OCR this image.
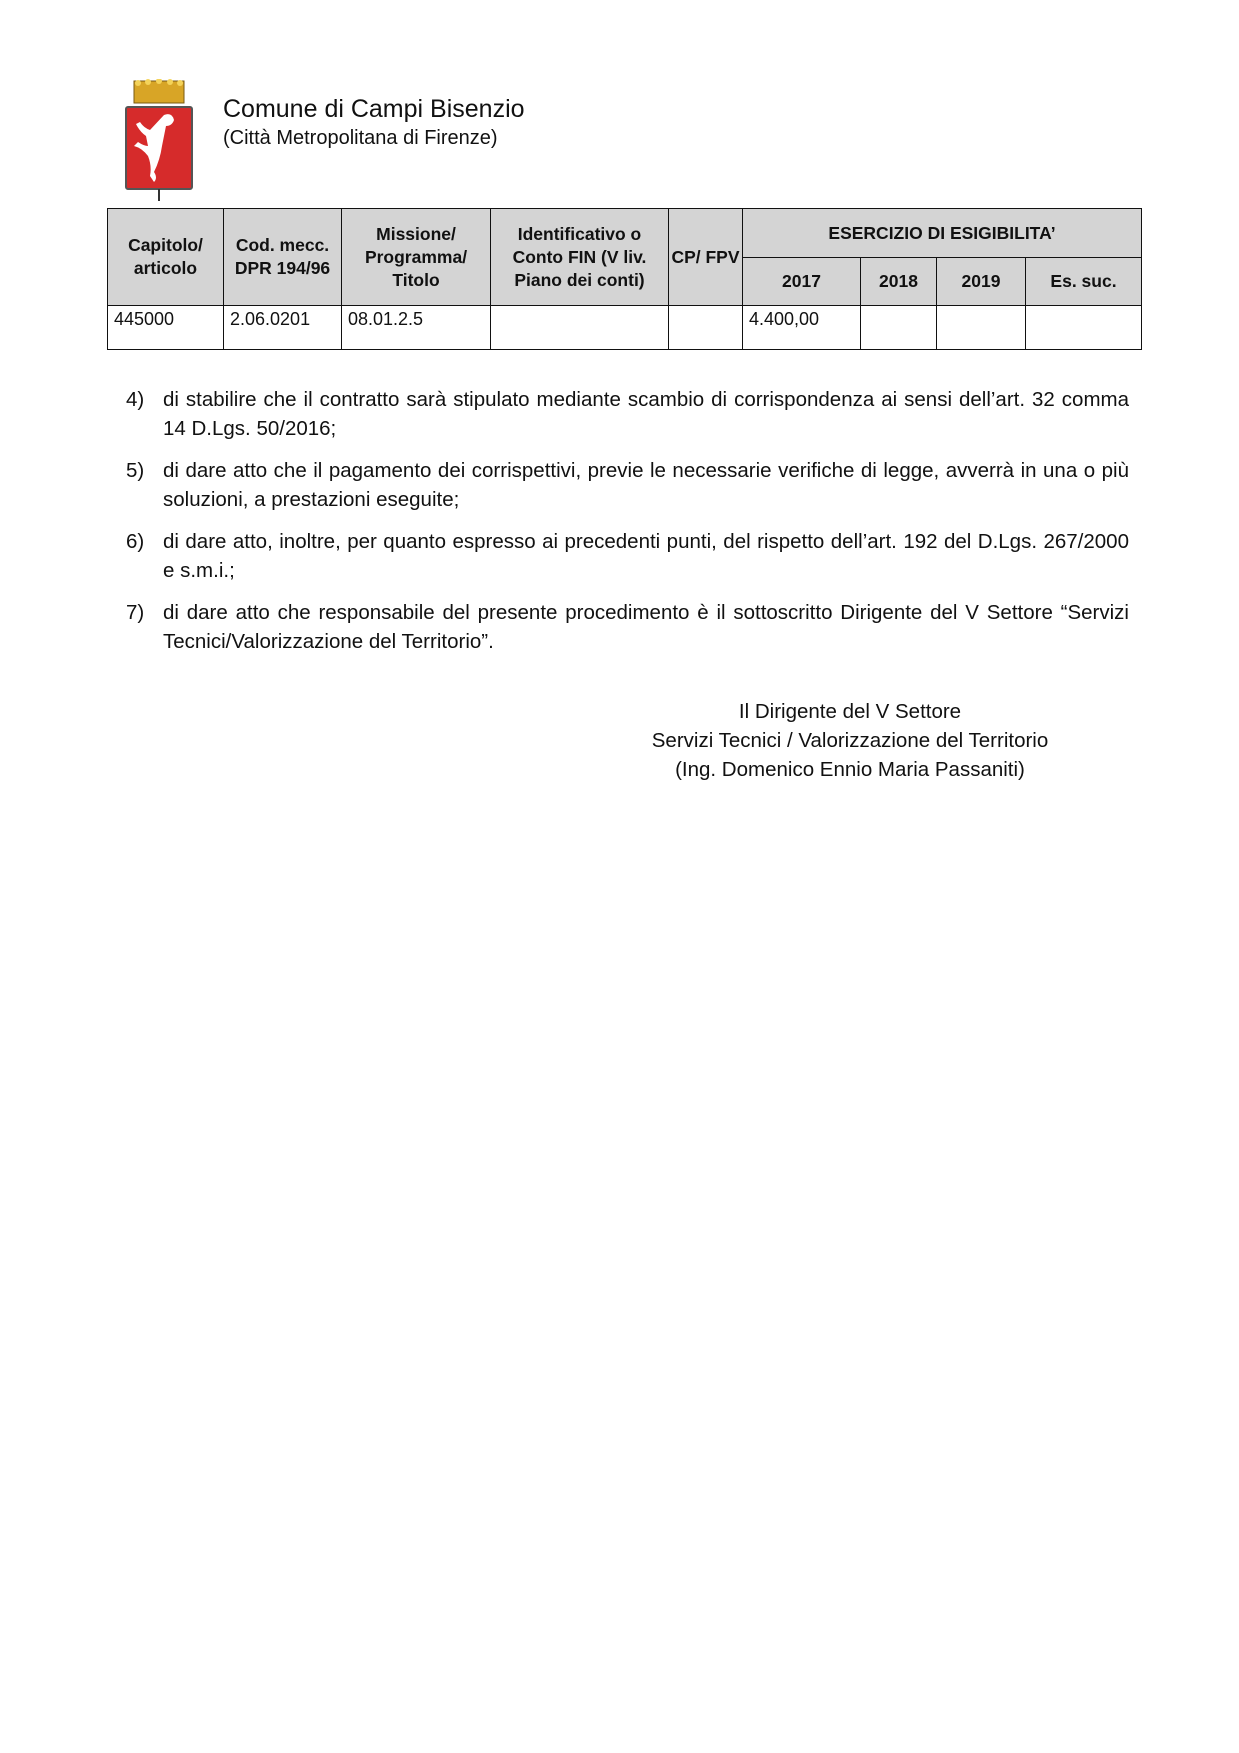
Comune di Campi Bisenzio
(Città Metropolitana di Firenze)
Capitolo/ articolo	Cod. mecc. DPR 194/96	Missione/ Programma/ Titolo	Identificativo o Conto FIN (V liv. Piano dei conti)	CP/ FPV	ESERCIZIO DI ESIGIBILITA’			
					2017	2018	2019	Es. suc.
445000	2.06.0201	08.01.2.5			4.400,00			
4) di stabilire che il contratto sarà stipulato mediante scambio di corrispondenza ai sensi dell’art. 32 comma 14 D.Lgs. 50/2016;
5) di dare atto che il pagamento dei corrispettivi, previe le necessarie verifiche di legge, avverrà in una o più soluzioni, a prestazioni eseguite;
6) di dare atto, inoltre, per quanto espresso ai precedenti punti, del rispetto dell’art. 192 del D.Lgs. 267/2000 e s.m.i.;
7) di dare atto che responsabile del presente procedimento è il sottoscritto Dirigente del V Settore “Servizi Tecnici/Valorizzazione del Territorio”.
Il Dirigente del V Settore
Servizi Tecnici / Valorizzazione del Territorio
(Ing. Domenico Ennio Maria Passaniti)
